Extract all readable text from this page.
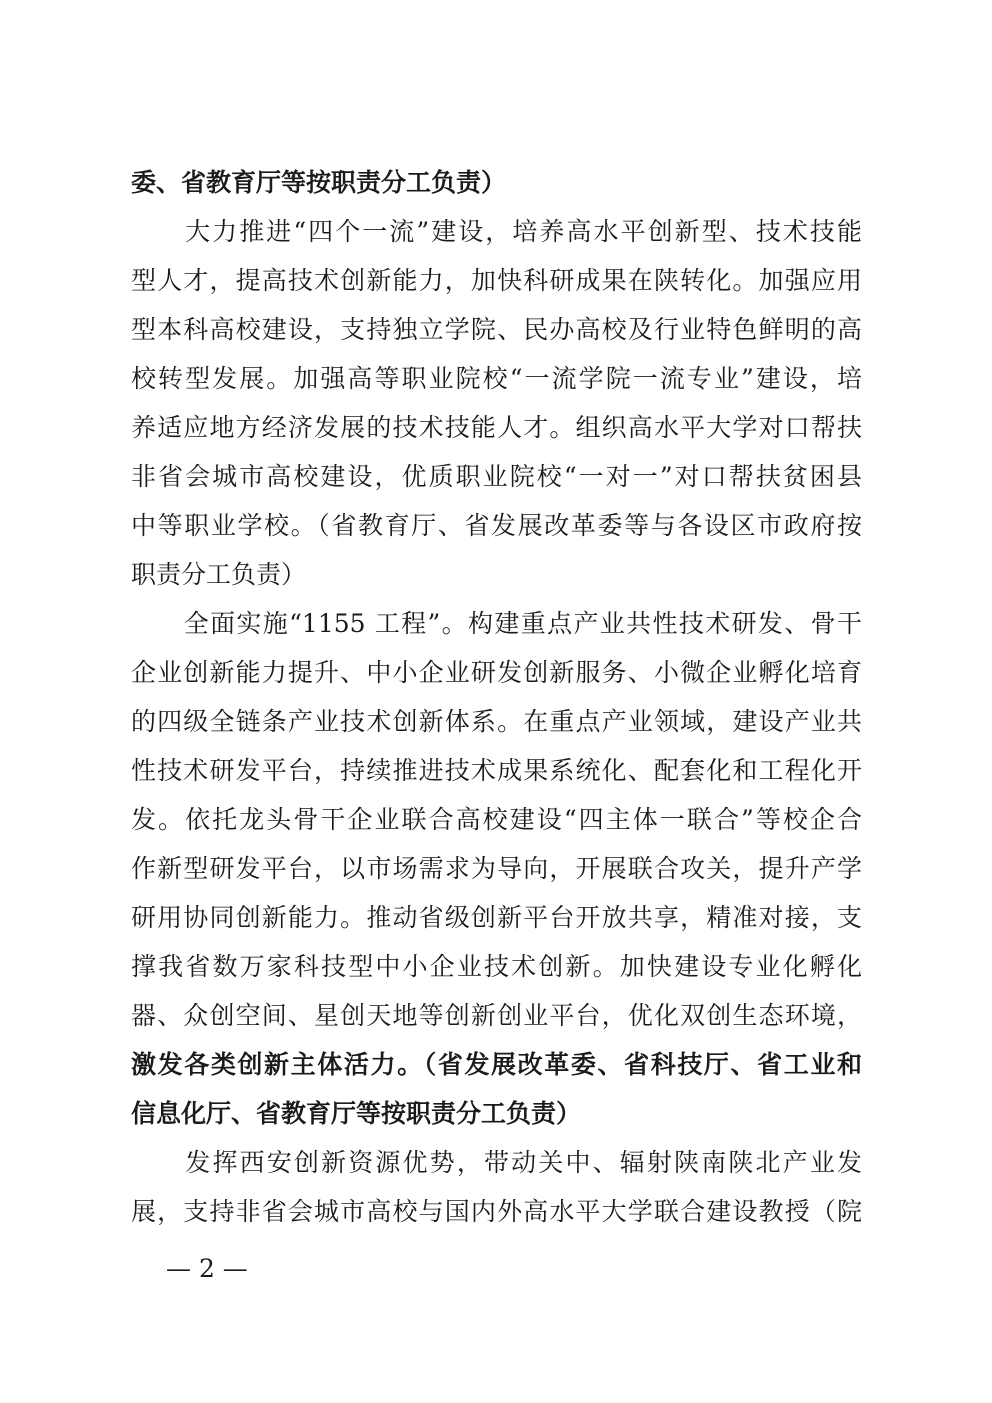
委、省教育厅等按职责分工负责）
　　大力推进“四个一流”建设，培养高水平创新型、技术技能
型人才，提高技术创新能力，加快科研成果在陕转化。加强应用
型本科高校建设，支持独立学院、民办高校及行业特色鲜明的高
校转型发展。加强高等职业院校“一流学院一流专业”建设，培
养适应地方经济发展的技术技能人才。组织高水平大学对口帮扶
非省会城市高校建设，优质职业院校“一对一”对口帮扶贫困县
中等职业学校。（省教育厅、省发展改革委等与各设区市政府按
职责分工负责）
　　全面实施“1155 工程”。构建重点产业共性技术研发、骨干
企业创新能力提升、中小企业研发创新服务、小微企业孵化培育
的四级全链条产业技术创新体系。在重点产业领域，建设产业共
性技术研发平台，持续推进技术成果系统化、配套化和工程化开
发。依托龙头骨干企业联合高校建设“四主体一联合”等校企合
作新型研发平台，以市场需求为导向，开展联合攻关，提升产学
研用协同创新能力。推动省级创新平台开放共享，精准对接，支
撑我省数万家科技型中小企业技术创新。加快建设专业化孵化
器、众创空间、星创天地等创新创业平台，优化双创生态环境，
激发各类创新主体活力。（省发展改革委、省科技厅、省工业和
信息化厅、省教育厅等按职责分工负责）
　　发挥西安创新资源优势，带动关中、辐射陕南陕北产业发
展，支持非省会城市高校与国内外高水平大学联合建设教授（院
— 2 —
